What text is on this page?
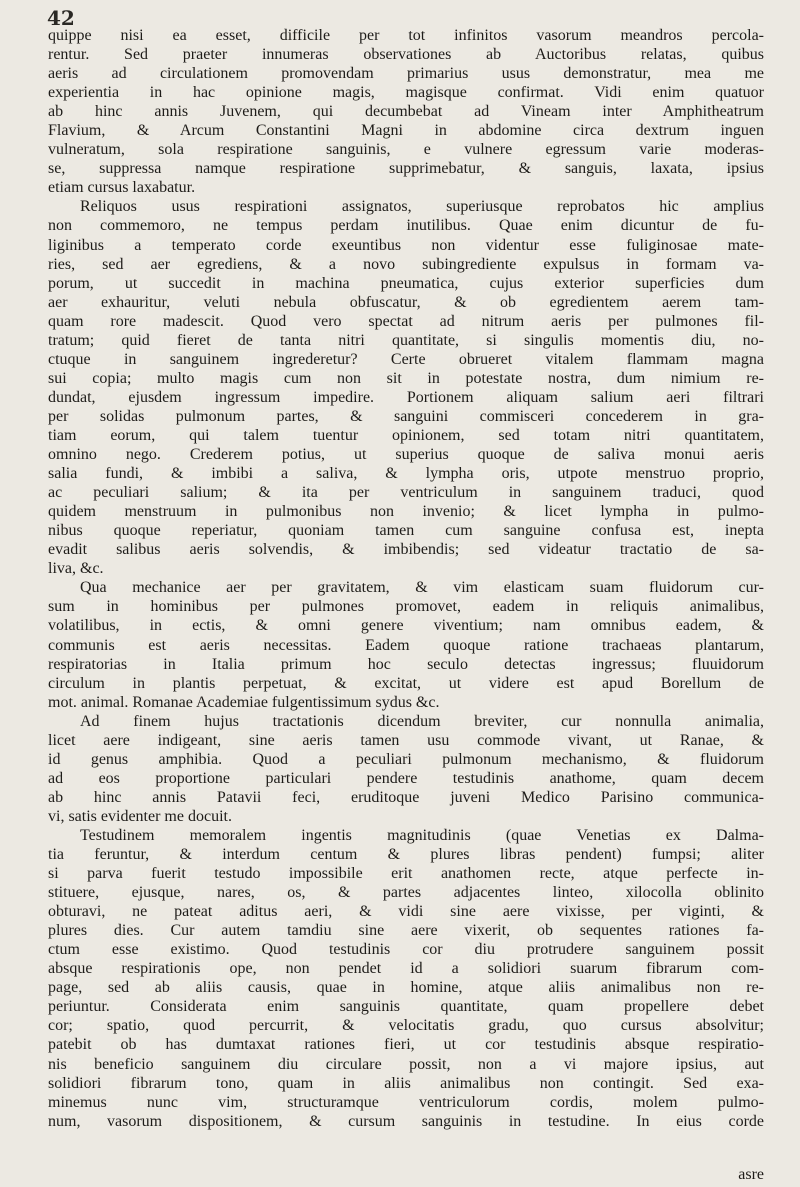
42
quippe nisi ea esset, difficile per tot infinitos vasorum meandros percola-
rentur. Sed praeter innumeras observationes ab Auctoribus relatas, quibus
aeris ad circulationem promovendam primarius usus demonstratur, mea me
experientia in hac opinione magis, magisque confirmat. Vidi enim quatuor
ab hinc annis Juvenem, qui decumbebat ad Vineam inter Amphitheatrum
Flavium, & Arcum Constantini Magni in abdomine circa dextrum inguen
vulneratum, sola respiratione sanguinis, e vulnere egressum varie moderas-
se, suppressa namque respiratione supprimebatur, & sanguis, laxata, ipsius
etiam cursus laxabatur.
Reliquos usus respirationi assignatos, superiusque reprobatos hic amplius
non commemoro, ne tempus perdam inutilibus. Quae enim dicuntur de fu-
liginibus a temperato corde exeuntibus non videntur esse fuliginosae mate-
ries, sed aer egrediens, & a novo subingrediente expulsus in formam va-
porum, ut succedit in machina pneumatica, cujus exterior superficies dum
aer exhauritur, veluti nebula obfuscatur, & ob egredientem aerem tam-
quam rore madescit. Quod vero spectat ad nitrum aeris per pulmones fil-
tratum; quid fieret de tanta nitri quantitate, si singulis momentis diu, no-
ctuque in sanguinem ingrederetur? Certe obrueret vitalem flammam magna
sui copia; multo magis cum non sit in potestate nostra, dum nimium re-
dundat, ejusdem ingressum impedire. Portionem aliquam salium aeri filtrari
per solidas pulmonum partes, & sanguini commisceri concederem in gra-
tiam eorum, qui talem tuentur opinionem, sed totam nitri quantitatem,
omnino nego. Crederem potius, ut superius quoque de saliva monui aeris
salia fundi, & imbibi a saliva, & lympha oris, utpote menstruo proprio,
ac peculiari salium; & ita per ventriculum in sanguinem traduci, quod
quidem menstruum in pulmonibus non invenio; & licet lympha in pulmo-
nibus quoque reperiatur, quoniam tamen cum sanguine confusa est, inepta
evadit salibus aeris solvendis, & imbibendis; sed videatur tractatio de sa-
liva, &c.
Qua mechanice aer per gravitatem, & vim elasticam suam fluidorum cur-
sum in hominibus per pulmones promovet, eadem in reliquis animalibus,
volatilibus, in ectis, & omni genere viventium; nam omnibus eadem, &
communis est aeris necessitas. Eadem quoque ratione trachaeas plantarum,
respiratorias in Italia primum hoc seculo detectas ingressus; fluuidorum
circulum in plantis perpetuat, & excitat, ut videre est apud Borellum de
mot. animal. Romanae Academiae fulgentissimum sydus &c.
Ad finem hujus tractationis dicendum breviter, cur nonnulla animalia,
licet aere indigeant, sine aeris tamen usu commode vivant, ut Ranae, &
id genus amphibia. Quod a peculiari pulmonum mechanismo, & fluidorum
ad eos proportione particulari pendere testudinis anathome, quam decem
ab hinc annis Patavii feci, eruditoque juveni Medico Parisino communica-
vi, satis evidenter me docuit.
Testudinem memoralem ingentis magnitudinis (quae Venetias ex Dalma-
tia feruntur, & interdum centum & plures libras pendent) fumpsi; aliter
si parva fuerit testudo impossibile erit anathomen recte, atque perfecte in-
stituere, ejusque, nares, os, & partes adjacentes linteo, xilocolla oblinito
obturavi, ne pateat aditus aeri, & vidi sine aere vixisse, per viginti, &
plures dies. Cur autem tamdiu sine aere vixerit, ob sequentes rationes fa-
ctum esse existimo. Quod testudinis cor diu protrudere sanguinem possit
absque respirationis ope, non pendet id a solidiori suarum fibrarum com-
page, sed ab aliis causis, quae in homine, atque aliis animalibus non re-
periuntur. Considerata enim sanguinis quantitate, quam propellere debet
cor; spatio, quod percurrit, & velocitatis gradu, quo cursus absolvitur;
patebit ob has dumtaxat rationes fieri, ut cor testudinis absque respiratio-
nis beneficio sanguinem diu circulare possit, non a vi majore ipsius, aut
solidiori fibrarum tono, quam in aliis animalibus non contingit. Sed exa-
minemus nunc vim, structuramque ventriculorum cordis, molem pulmo-
num, vasorum dispositionem, & cursum sanguinis in testudine. In eius corde
asre
